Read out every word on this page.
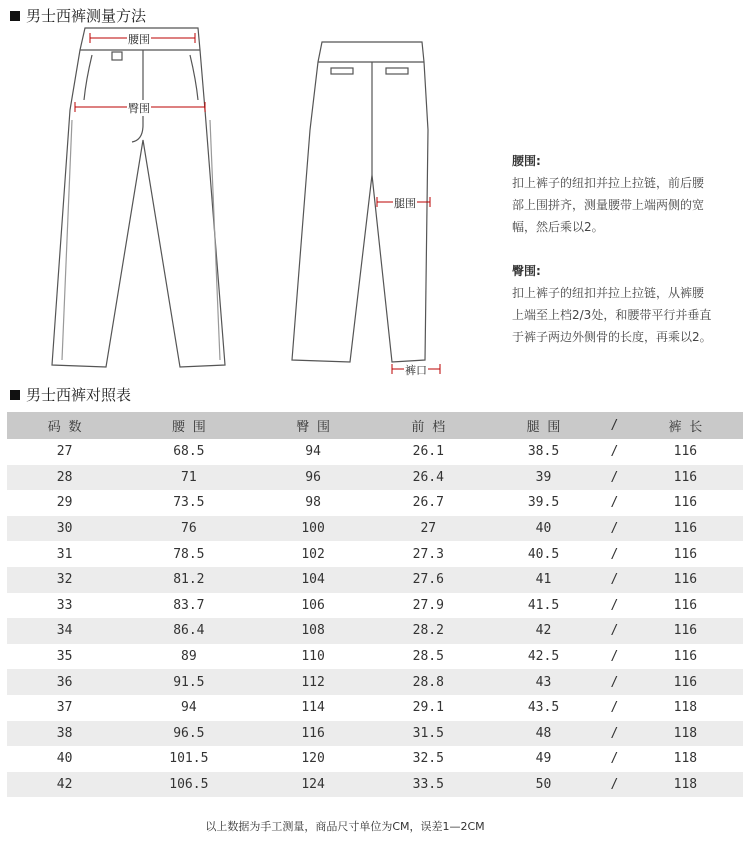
男士西裤测量方法
腰围
臀围
腿围
裤口
腰围:

扣上裤子的纽扣并拉上拉链，前后腰部上围拼齐，测量腰带上端两侧的宽幅，然后乘以2。

臀围:

扣上裤子的纽扣并拉上拉链，从裤腰上端至上档2/3处，和腰带平行并垂直于裤子两边外侧骨的长度，再乘以2。

男士西裤对照表
码 数	腰 围	臀 围	前 档	腿 围	/	裤 长
27	68.5	94	26.1	38.5	/	116
28	71	96	26.4	39	/	116
29	73.5	98	26.7	39.5	/	116
30	76	100	27	40	/	116
31	78.5	102	27.3	40.5	/	116
32	81.2	104	27.6	41	/	116
33	83.7	106	27.9	41.5	/	116
34	86.4	108	28.2	42	/	116
35	89	110	28.5	42.5	/	116
36	91.5	112	28.8	43	/	116
37	94	114	29.1	43.5	/	118
38	96.5	116	31.5	48	/	118
40	101.5	120	32.5	49	/	118
42	106.5	124	33.5	50	/	118
以上数据为手工测量，商品尺寸单位为CM，误差1—2CM
